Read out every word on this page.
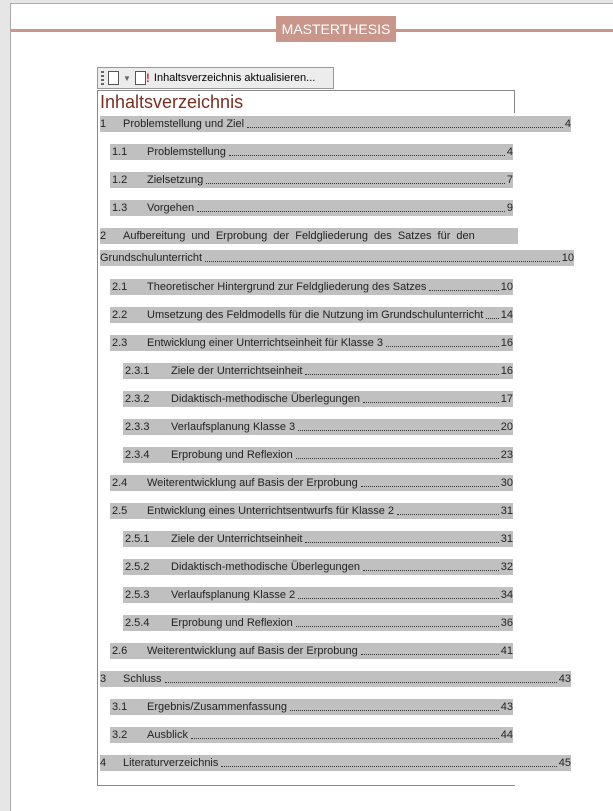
MASTERTHESIS
▼ ! Inhaltsverzeichnis aktualisieren...
Inhaltsverzeichnis
1	Problemstellung und Ziel	4
1.1	Problemstellung	4
1.2	Zielsetzung	7
1.3	Vorgehen	9
2	Aufbereitung und Erprobung der Feldgliederung des Satzes für den
Grundschulunterricht	10
2.1	Theoretischer Hintergrund zur Feldgliederung des Satzes	10
2.2	Umsetzung des Feldmodells für die Nutzung im Grundschulunterricht 14
2.3	Entwicklung einer Unterrichtseinheit für Klasse 3	16
2.3.1	Ziele der Unterrichtseinheit	16
2.3.2	Didaktisch-methodische Überlegungen	17
2.3.3	Verlaufsplanung Klasse 3	20
2.3.4	Erprobung und Reflexion	23
2.4	Weiterentwicklung auf Basis der Erprobung	30
2.5	Entwicklung eines Unterrichtsentwurfs für Klasse 2	31
2.5.1	Ziele der Unterrichtseinheit	31
2.5.2	Didaktisch-methodische Überlegungen	32
2.5.3	Verlaufsplanung Klasse 2	34
2.5.4	Erprobung und Reflexion	36
2.6	Weiterentwicklung auf Basis der Erprobung	41
3	Schluss	43
3.1	Ergebnis/Zusammenfassung	43
3.2	Ausblick	44
4	Literaturverzeichnis	45
